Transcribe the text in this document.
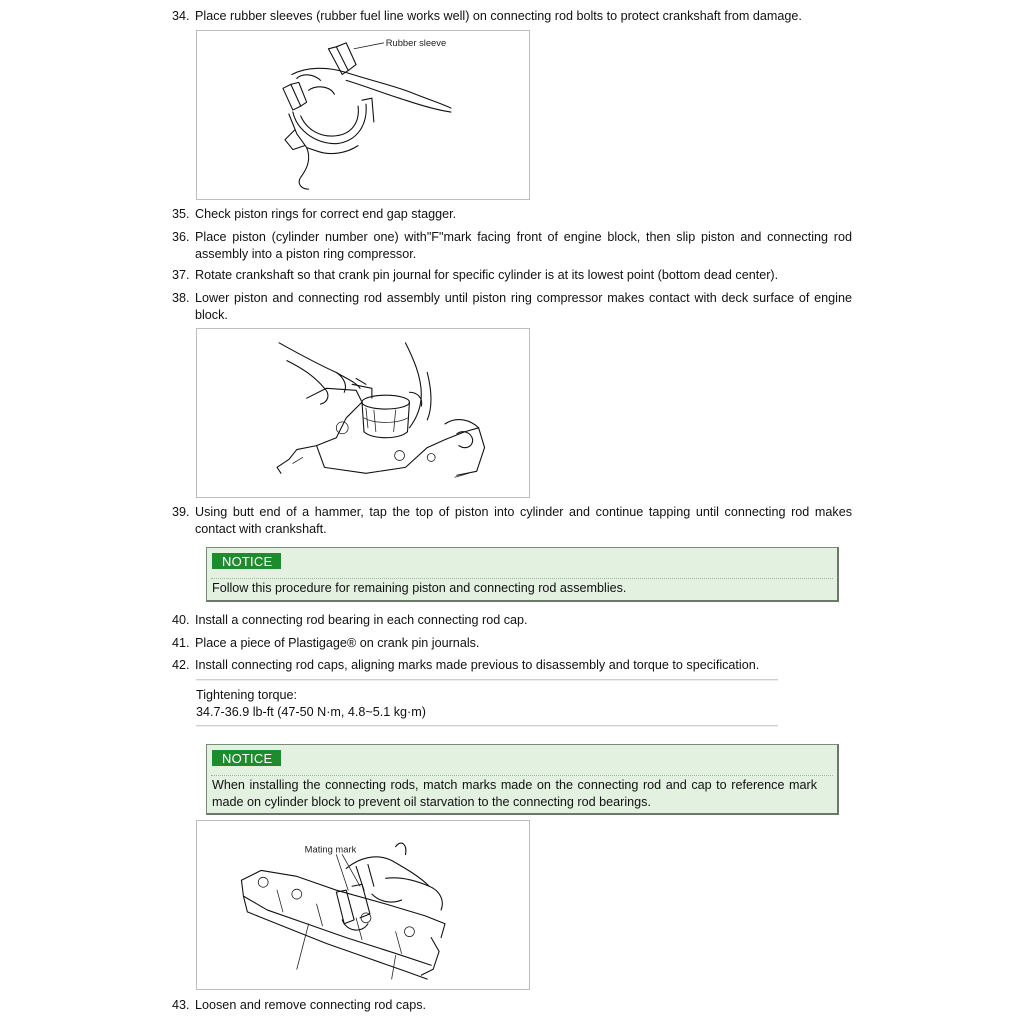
34. Place rubber sleeves (rubber fuel line works well) on connecting rod bolts to protect crankshaft from damage.
Rubber sleeve
35. Check piston rings for correct end gap stagger.
36. Place piston (cylinder number one) with"F"mark facing front of engine block, then slip piston and connecting rod assembly into a piston ring compressor.
37. Rotate crankshaft so that crank pin journal for specific cylinder is at its lowest point (bottom dead center).
38. Lower piston and connecting rod assembly until piston ring compressor makes contact with deck surface of engine block.
39. Using butt end of a hammer, tap the top of piston into cylinder and continue tapping until connecting rod makes contact with crankshaft.
NOTICE
Follow this procedure for remaining piston and connecting rod assemblies.
40. Install a connecting rod bearing in each connecting rod cap.
41. Place a piece of Plastigage® on crank pin journals.
42. Install connecting rod caps, aligning marks made previous to disassembly and torque to specification.
Tightening torque:
34.7-36.9 lb-ft (47-50 N·m, 4.8~5.1 kg·m)
NOTICE
When installing the connecting rods, match marks made on the connecting rod and cap to reference mark made on cylinder block to prevent oil starvation to the connecting rod bearings.
Mating mark
43. Loosen and remove connecting rod caps.
